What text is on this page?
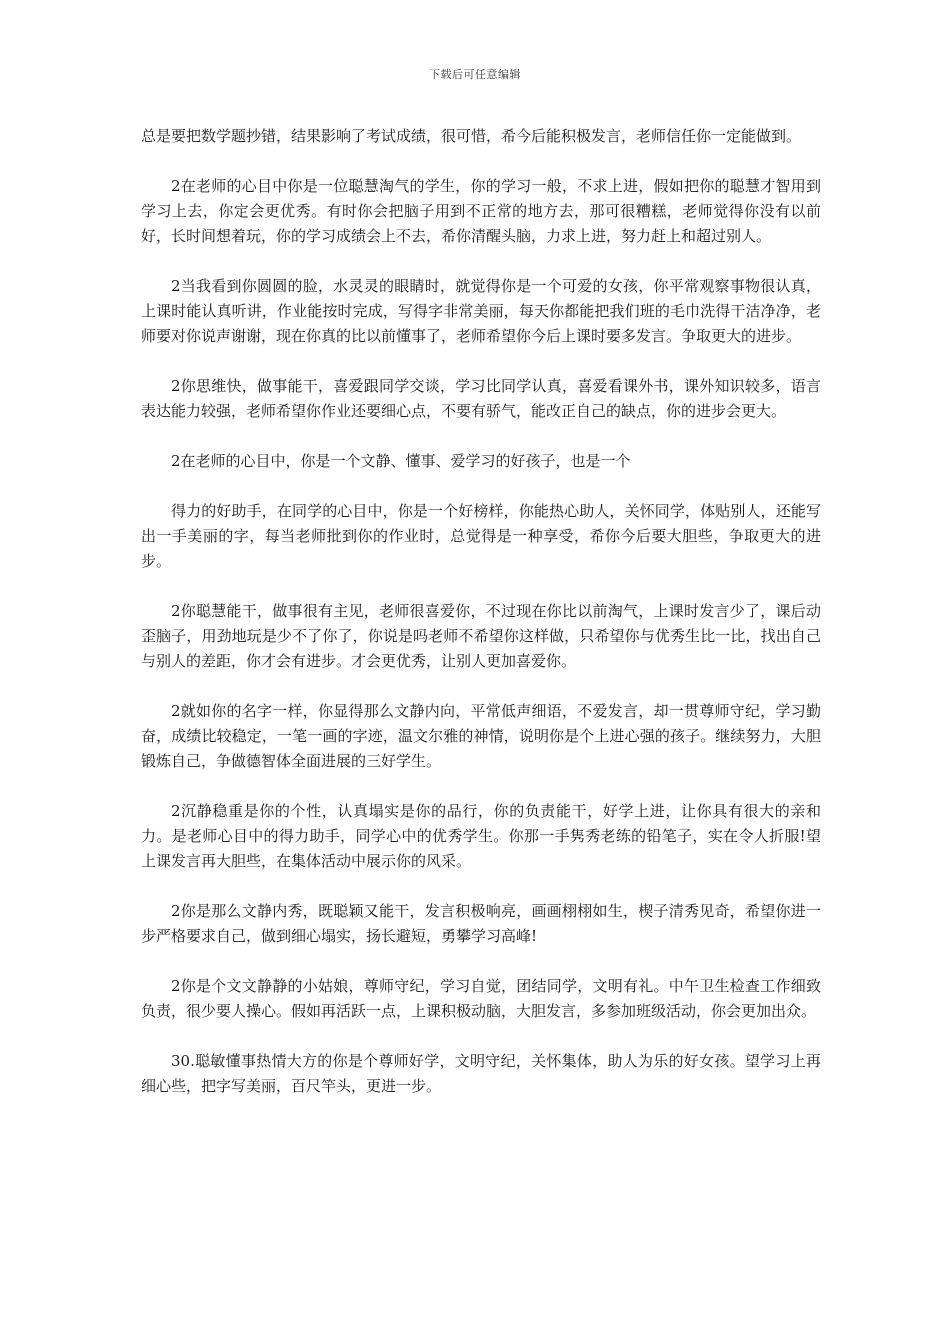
下载后可任意编辑

总是要把数学题抄错，结果影响了考试成绩，很可惜，希今后能积极发言，老师信任你一定能做到。

2在老师的心目中你是一位聪慧淘气的学生，你的学习一般，不求上进，假如把你的聪慧才智用到学习上去，你定会更优秀。有时你会把脑子用到不正常的地方去，那可很糟糕，老师觉得你没有以前好，长时间想着玩，你的学习成绩会上不去，希你清醒头脑，力求上进，努力赶上和超过别人。

2当我看到你圆圆的脸，水灵灵的眼睛时，就觉得你是一个可爱的女孩，你平常观察事物很认真，上课时能认真听讲，作业能按时完成，写得字非常美丽，每天你都能把我们班的毛巾洗得干洁净净，老师要对你说声谢谢，现在你真的比以前懂事了，老师希望你今后上课时要多发言。争取更大的进步。

2你思维快，做事能干，喜爱跟同学交谈，学习比同学认真，喜爱看课外书，课外知识较多，语言表达能力较强，老师希望你作业还要细心点，不要有骄气，能改正自己的缺点，你的进步会更大。

2在老师的心目中，你是一个文静、懂事、爱学习的好孩子，也是一个

得力的好助手，在同学的心目中，你是一个好榜样，你能热心助人，关怀同学，体贴别人，还能写出一手美丽的字，每当老师批到你的作业时，总觉得是一种享受，希你今后要大胆些，争取更大的进步。

2你聪慧能干，做事很有主见，老师很喜爱你，不过现在你比以前淘气，上课时发言少了，课后动歪脑子，用劲地玩是少不了你了，你说是吗老师不希望你这样做，只希望你与优秀生比一比，找出自己与别人的差距，你才会有进步。才会更优秀，让别人更加喜爱你。

2就如你的名字一样，你显得那么文静内向，平常低声细语，不爱发言，却一贯尊师守纪，学习勤奋，成绩比较稳定，一笔一画的字迹，温文尔雅的神情，说明你是个上进心强的孩子。继续努力，大胆锻炼自己，争做德智体全面进展的三好学生。

2沉静稳重是你的个性，认真塌实是你的品行，你的负责能干，好学上进，让你具有很大的亲和力。是老师心目中的得力助手，同学心中的优秀学生。你那一手隽秀老练的铅笔子，实在令人折服!望上课发言再大胆些，在集体活动中展示你的风采。

2你是那么文静内秀，既聪颖又能干，发言积极响亮，画画栩栩如生，楔子清秀见奇，希望你进一步严格要求自己，做到细心塌实，扬长避短，勇攀学习高峰!

2你是个文文静静的小姑娘，尊师守纪，学习自觉，团结同学，文明有礼。中午卫生检查工作细致负责，很少要人操心。假如再活跃一点，上课积极动脑，大胆发言，多参加班级活动，你会更加出众。

30.聪敏懂事热情大方的你是个尊师好学，文明守纪，关怀集体，助人为乐的好女孩。望学习上再细心些，把字写美丽，百尺竿头，更进一步。
